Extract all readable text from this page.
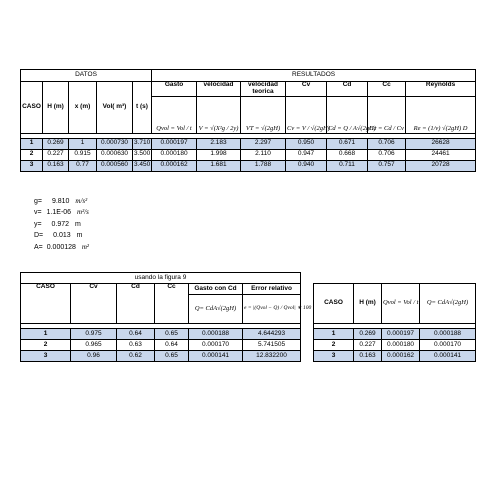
DATOS					RESULTADOS						
CASO	H (m)	x (m)	Vol( m³)	t (s)	Gasto	velocidad	velocidad teorica	Cv	Cd	Cc	Reynolds
					Qvol = Vol / t	V = √(X²g / 2y)	VT = √(2gH)	Cv = V / √(2gH)	Cd = Q / A√(2gH)	Cc = Cd / Cv	Re = (1/ν) √(2gH) D

1	0.269	1	0.000730	3.710	0.000197	2.183	2.297	0.950	0.671	0.706	26628
2	0.227	0.915	0.000630	3.500	0.000180	1.998	2.110	0.947	0.668	0.706	24461
3	0.163	0.77	0.000560	3.450	0.000162	1.681	1.788	0.940	0.711	0.757	20728
g= 9.810 m/s²
v= 1.1E-06 m²/s
y= 0.972 m
D= 0.013 m
A= 0.000128 m²
usando la figura 9					
CASO	Cv	Cd	Cc	Gasto con Cd	Error relativo
				Q= CdA√(2gH)	e = |(Qvol − Q) / Qvol| ∗ 100

1	0.975	0.64	0.65	0.000188	4.644293
2	0.965	0.63	0.64	0.000170	5.741505
3	0.96	0.62	0.65	0.000141	12.832200
CASO	H (m)	Qvol = Vol / t	Q= CdA√(2gH)

1	0.269	0.000197	0.000188
2	0.227	0.000180	0.000170
3	0.163	0.000162	0.000141
